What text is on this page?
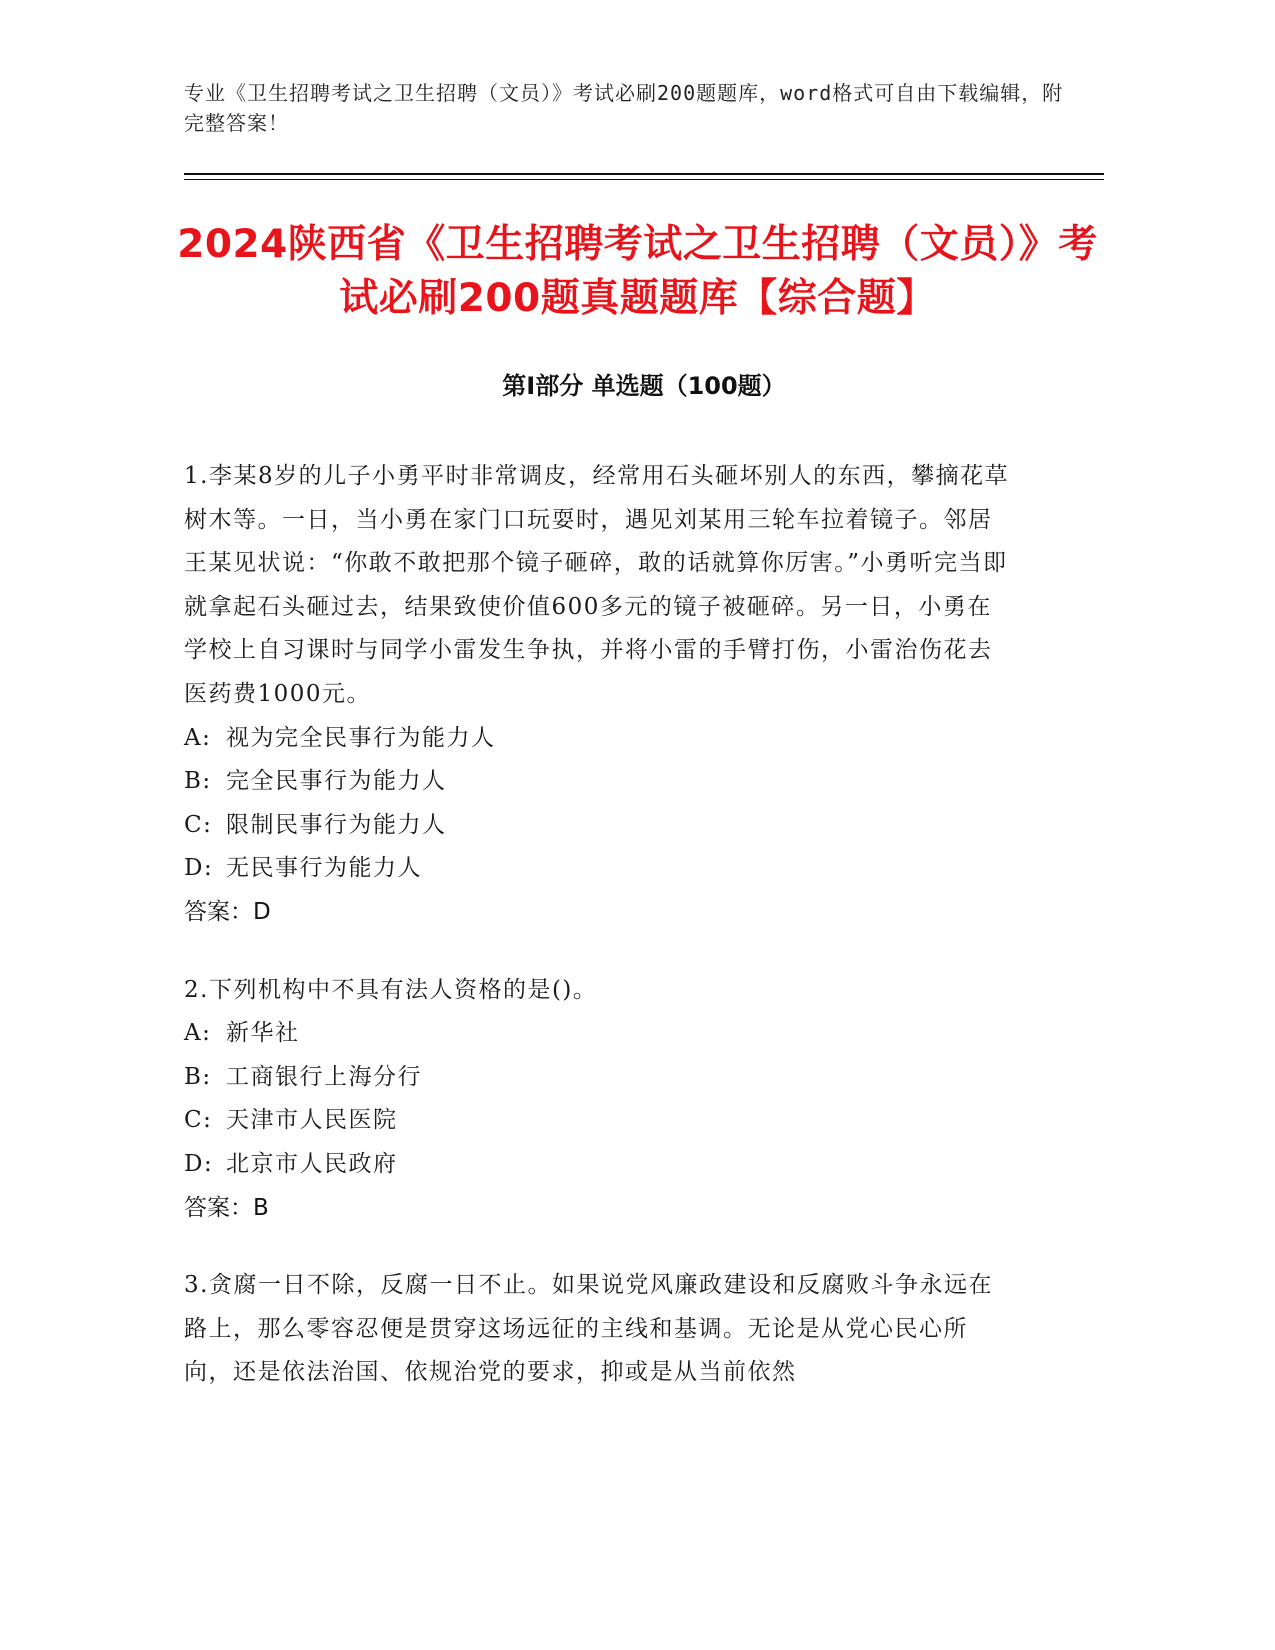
专业《卫生招聘考试之卫生招聘（文员）》考试必刷200题题库，word格式可自由下载编辑，附完整答案！
2024陕西省《卫生招聘考试之卫生招聘（文员）》考试必刷200题真题题库【综合题】
第Ⅰ部分 单选题（100题）
1.李某8岁的儿子小勇平时非常调皮，经常用石头砸坏别人的东西，攀摘花草树木等。一日，当小勇在家门口玩耍时，遇见刘某用三轮车拉着镜子。邻居王某见状说：“你敢不敢把那个镜子砸碎，敢的话就算你厉害。”小勇听完当即就拿起石头砸过去，结果致使价值600多元的镜子被砸碎。另一日，小勇在学校上自习课时与同学小雷发生争执，并将小雷的手臂打伤，小雷治伤花去医药费1000元。
A: 视为完全民事行为能力人
B: 完全民事行为能力人
C: 限制民事行为能力人
D: 无民事行为能力人
答案：D
2.下列机构中不具有法人资格的是()。
A: 新华社
B: 工商银行上海分行
C: 天津市人民医院
D: 北京市人民政府
答案：B
3.贪腐一日不除，反腐一日不止。如果说党风廉政建设和反腐败斗争永远在路上，那么零容忍便是贯穿这场远征的主线和基调。无论是从党心民心所向，还是依法治国、依规治党的要求，抑或是从当前依然
